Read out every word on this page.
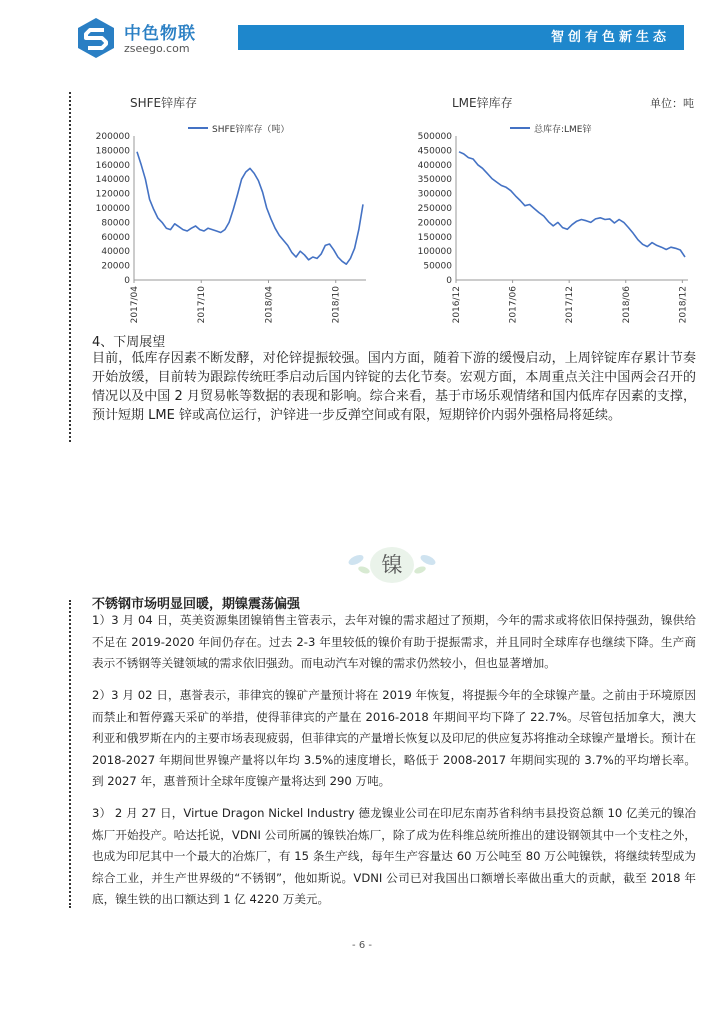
中色物联
zseego.com
智创有色新生态
SHFE锌库存	LME锌库存	单位：吨
SHFE锌库存（吨）
0
20000
40000
60000
80000
100000
120000
140000
160000
180000
200000
2017/04	2017/10	2018/04	2018/10
总库存:LME锌
0
50000
100000
150000
200000
250000
300000
350000
400000
450000
500000
2016/12	2017/06	2017/12	2018/06	2018/12
4、下周展望
目前，低库存因素不断发酵，对伦锌提振较强。国内方面，随着下游的缓慢启动，上周锌锭库存累计节奏开始放缓，目前转为跟踪传统旺季启动后国内锌锭的去化节奏。宏观方面，本周重点关注中国两会召开的情况以及中国 2 月贸易帐等数据的表现和影响。综合来看，基于市场乐观情绪和国内低库存因素的支撑，预计短期 LME 锌或高位运行，沪锌进一步反弹空间或有限，短期锌价内弱外强格局将延续。
镍
不锈钢市场明显回暖，期镍震荡偏强
1）3 月 04 日，英美资源集团镍销售主管表示，去年对镍的需求超过了预期，今年的需求或将依旧保持强劲，镍供给不足在 2019-2020 年间仍存在。过去 2-3 年里较低的镍价有助于提振需求，并且同时全球库存也继续下降。生产商表示不锈钢等关键领域的需求依旧强劲。而电动汽车对镍的需求仍然较小，但也显著增加。
2）3 月 02 日，惠誉表示，菲律宾的镍矿产量预计将在 2019 年恢复，将提振今年的全球镍产量。之前由于环境原因而禁止和暂停露天采矿的举措，使得菲律宾的产量在 2016-2018 年期间平均下降了 22.7%。尽管包括加拿大，澳大利亚和俄罗斯在内的主要市场表现疲弱，但菲律宾的产量增长恢复以及印尼的供应复苏将推动全球镍产量增长。预计在 2018-2027 年期间世界镍产量将以年均 3.5%的速度增长，略低于 2008-2017 年期间实现的 3.7%的平均增长率。到 2027 年，惠普预计全球年度镍产量将达到 290 万吨。
3） 2 月 27 日，Virtue Dragon Nickel Industry 德龙镍业公司在印尼东南苏省科纳韦县投资总额 10 亿美元的镍冶炼厂开始投产。哈达托说，VDNI 公司所属的镍铁冶炼厂，除了成为佐科维总统所推出的建设钢领其中一个支柱之外，也成为印尼其中一个最大的冶炼厂，有 15 条生产线，每年生产容量达 60 万公吨至 80 万公吨镍铁，将继续转型成为综合工业，并生产世界级的“不锈钢”，他如斯说。VDNI 公司已对我国出口额增长率做出重大的贡献，截至 2018 年底，镍生铁的出口额达到 1 亿 4220 万美元。
- 6 -
